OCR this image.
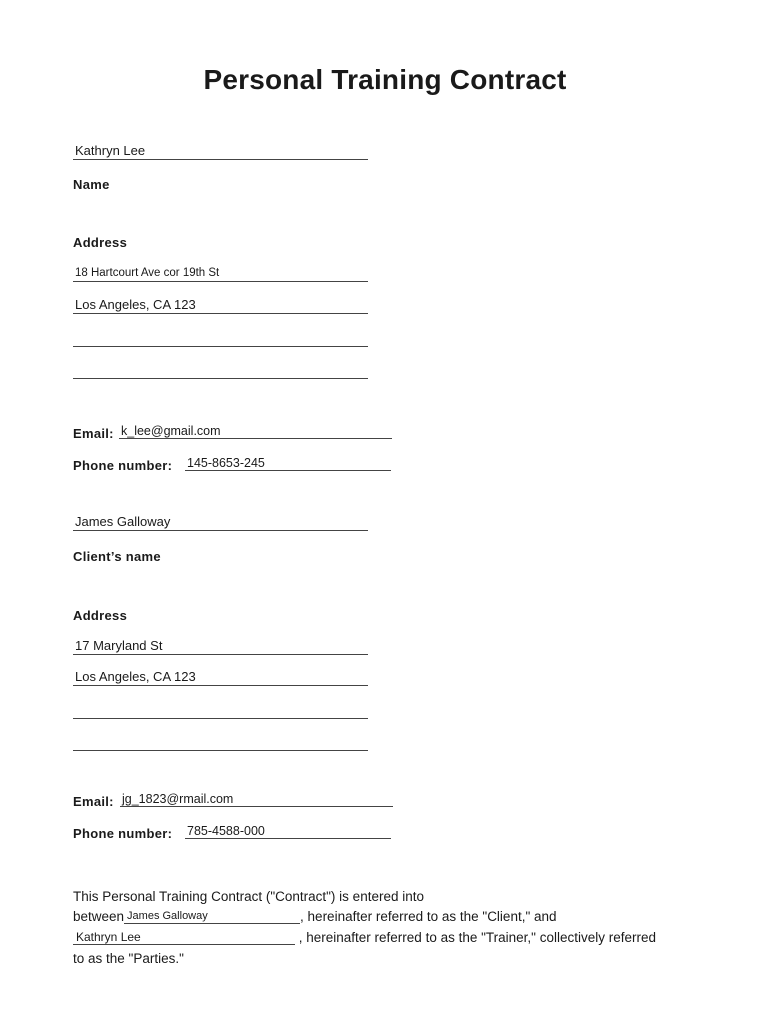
Personal Training Contract
Kathryn Lee
Name
Address
18 Hartcourt Ave cor 19th St
Los Angeles, CA 123
Email: k_lee@gmail.com
Phone number: 145-8653-245
James Galloway
Client’s name
Address
17 Maryland St
Los Angeles, CA 123
Email: jg_1823@rmail.com
Phone number: 785-4588-000
This Personal Training Contract ("Contract") is entered into
between James Galloway	, hereinafter referred to as the "Client," and
Kathryn Lee	, hereinafter referred to as the "Trainer," collectively referred
to as the "Parties."
